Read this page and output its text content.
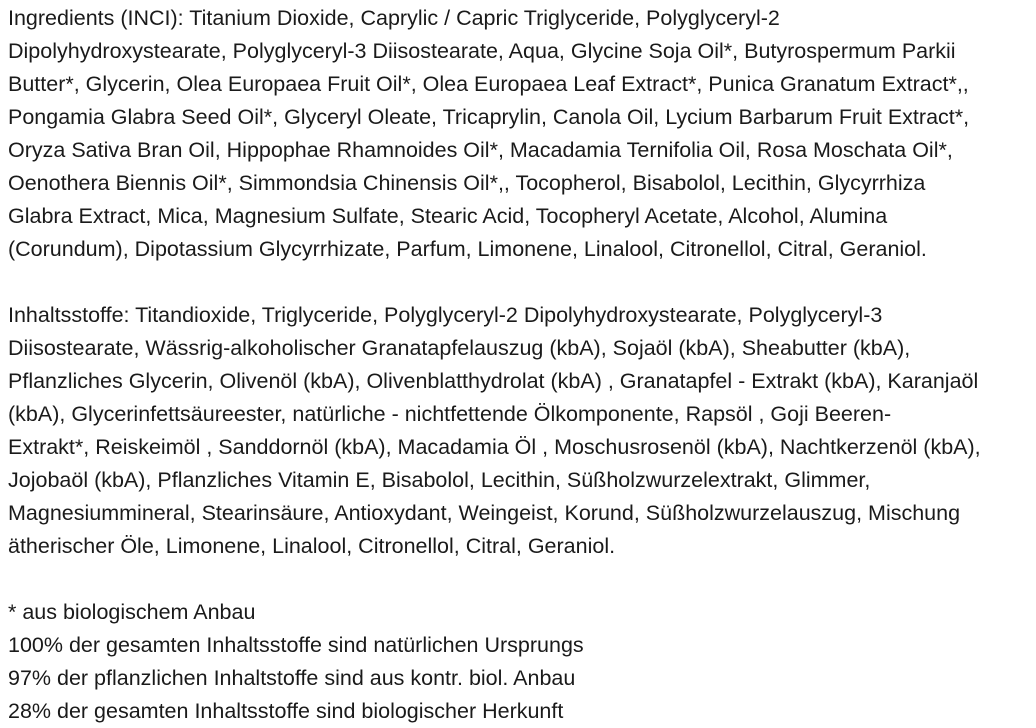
Ingredients (INCI): Titanium Dioxide, Caprylic / Capric Triglyceride, Polyglyceryl-2
Dipolyhydroxystearate, Polyglyceryl-3 Diisostearate, Aqua, Glycine Soja Oil*, Butyrospermum Parkii
Butter*, Glycerin, Olea Europaea Fruit Oil*, Olea Europaea Leaf Extract*, Punica Granatum Extract*,,
Pongamia Glabra Seed Oil*, Glyceryl Oleate, Tricaprylin, Canola Oil, Lycium Barbarum Fruit Extract*,
Oryza Sativa Bran Oil, Hippophae Rhamnoides Oil*, Macadamia Ternifolia Oil, Rosa Moschata Oil*,
Oenothera Biennis Oil*, Simmondsia Chinensis Oil*,, Tocopherol, Bisabolol, Lecithin, Glycyrrhiza
Glabra Extract, Mica, Magnesium Sulfate, Stearic Acid, Tocopheryl Acetate, Alcohol, Alumina
(Corundum), Dipotassium Glycyrrhizate, Parfum, Limonene, Linalool, Citronellol, Citral, Geraniol.
Inhaltsstoffe: Titandioxide, Triglyceride, Polyglyceryl-2 Dipolyhydroxystearate, Polyglyceryl-3
Diisostearate, Wässrig-alkoholischer Granatapfelauszug (kbA), Sojaöl (kbA), Sheabutter (kbA),
Pflanzliches Glycerin, Olivenöl (kbA), Olivenblatthydrolat (kbA) , Granatapfel - Extrakt (kbA), Karanjaöl
(kbA), Glycerinfettsäureester, natürliche - nichtfettende Ölkomponente, Rapsöl , Goji Beeren-
Extrakt*, Reiskeimöl , Sanddornöl (kbA), Macadamia Öl , Moschusrosenöl (kbA), Nachtkerzenöl (kbA),
Jojobaöl (kbA), Pflanzliches Vitamin E, Bisabolol, Lecithin, Süßholzwurzelextrakt, Glimmer,
Magnesiummineral, Stearinsäure, Antioxydant, Weingeist, Korund, Süßholzwurzelauszug, Mischung
ätherischer Öle, Limonene, Linalool, Citronellol, Citral, Geraniol.
* aus biologischem Anbau
100% der gesamten Inhaltsstoffe sind natürlichen Ursprungs
97% der pflanzlichen Inhaltstoffe sind aus kontr. biol. Anbau
28% der gesamten Inhaltsstoffe sind biologischer Herkunft
